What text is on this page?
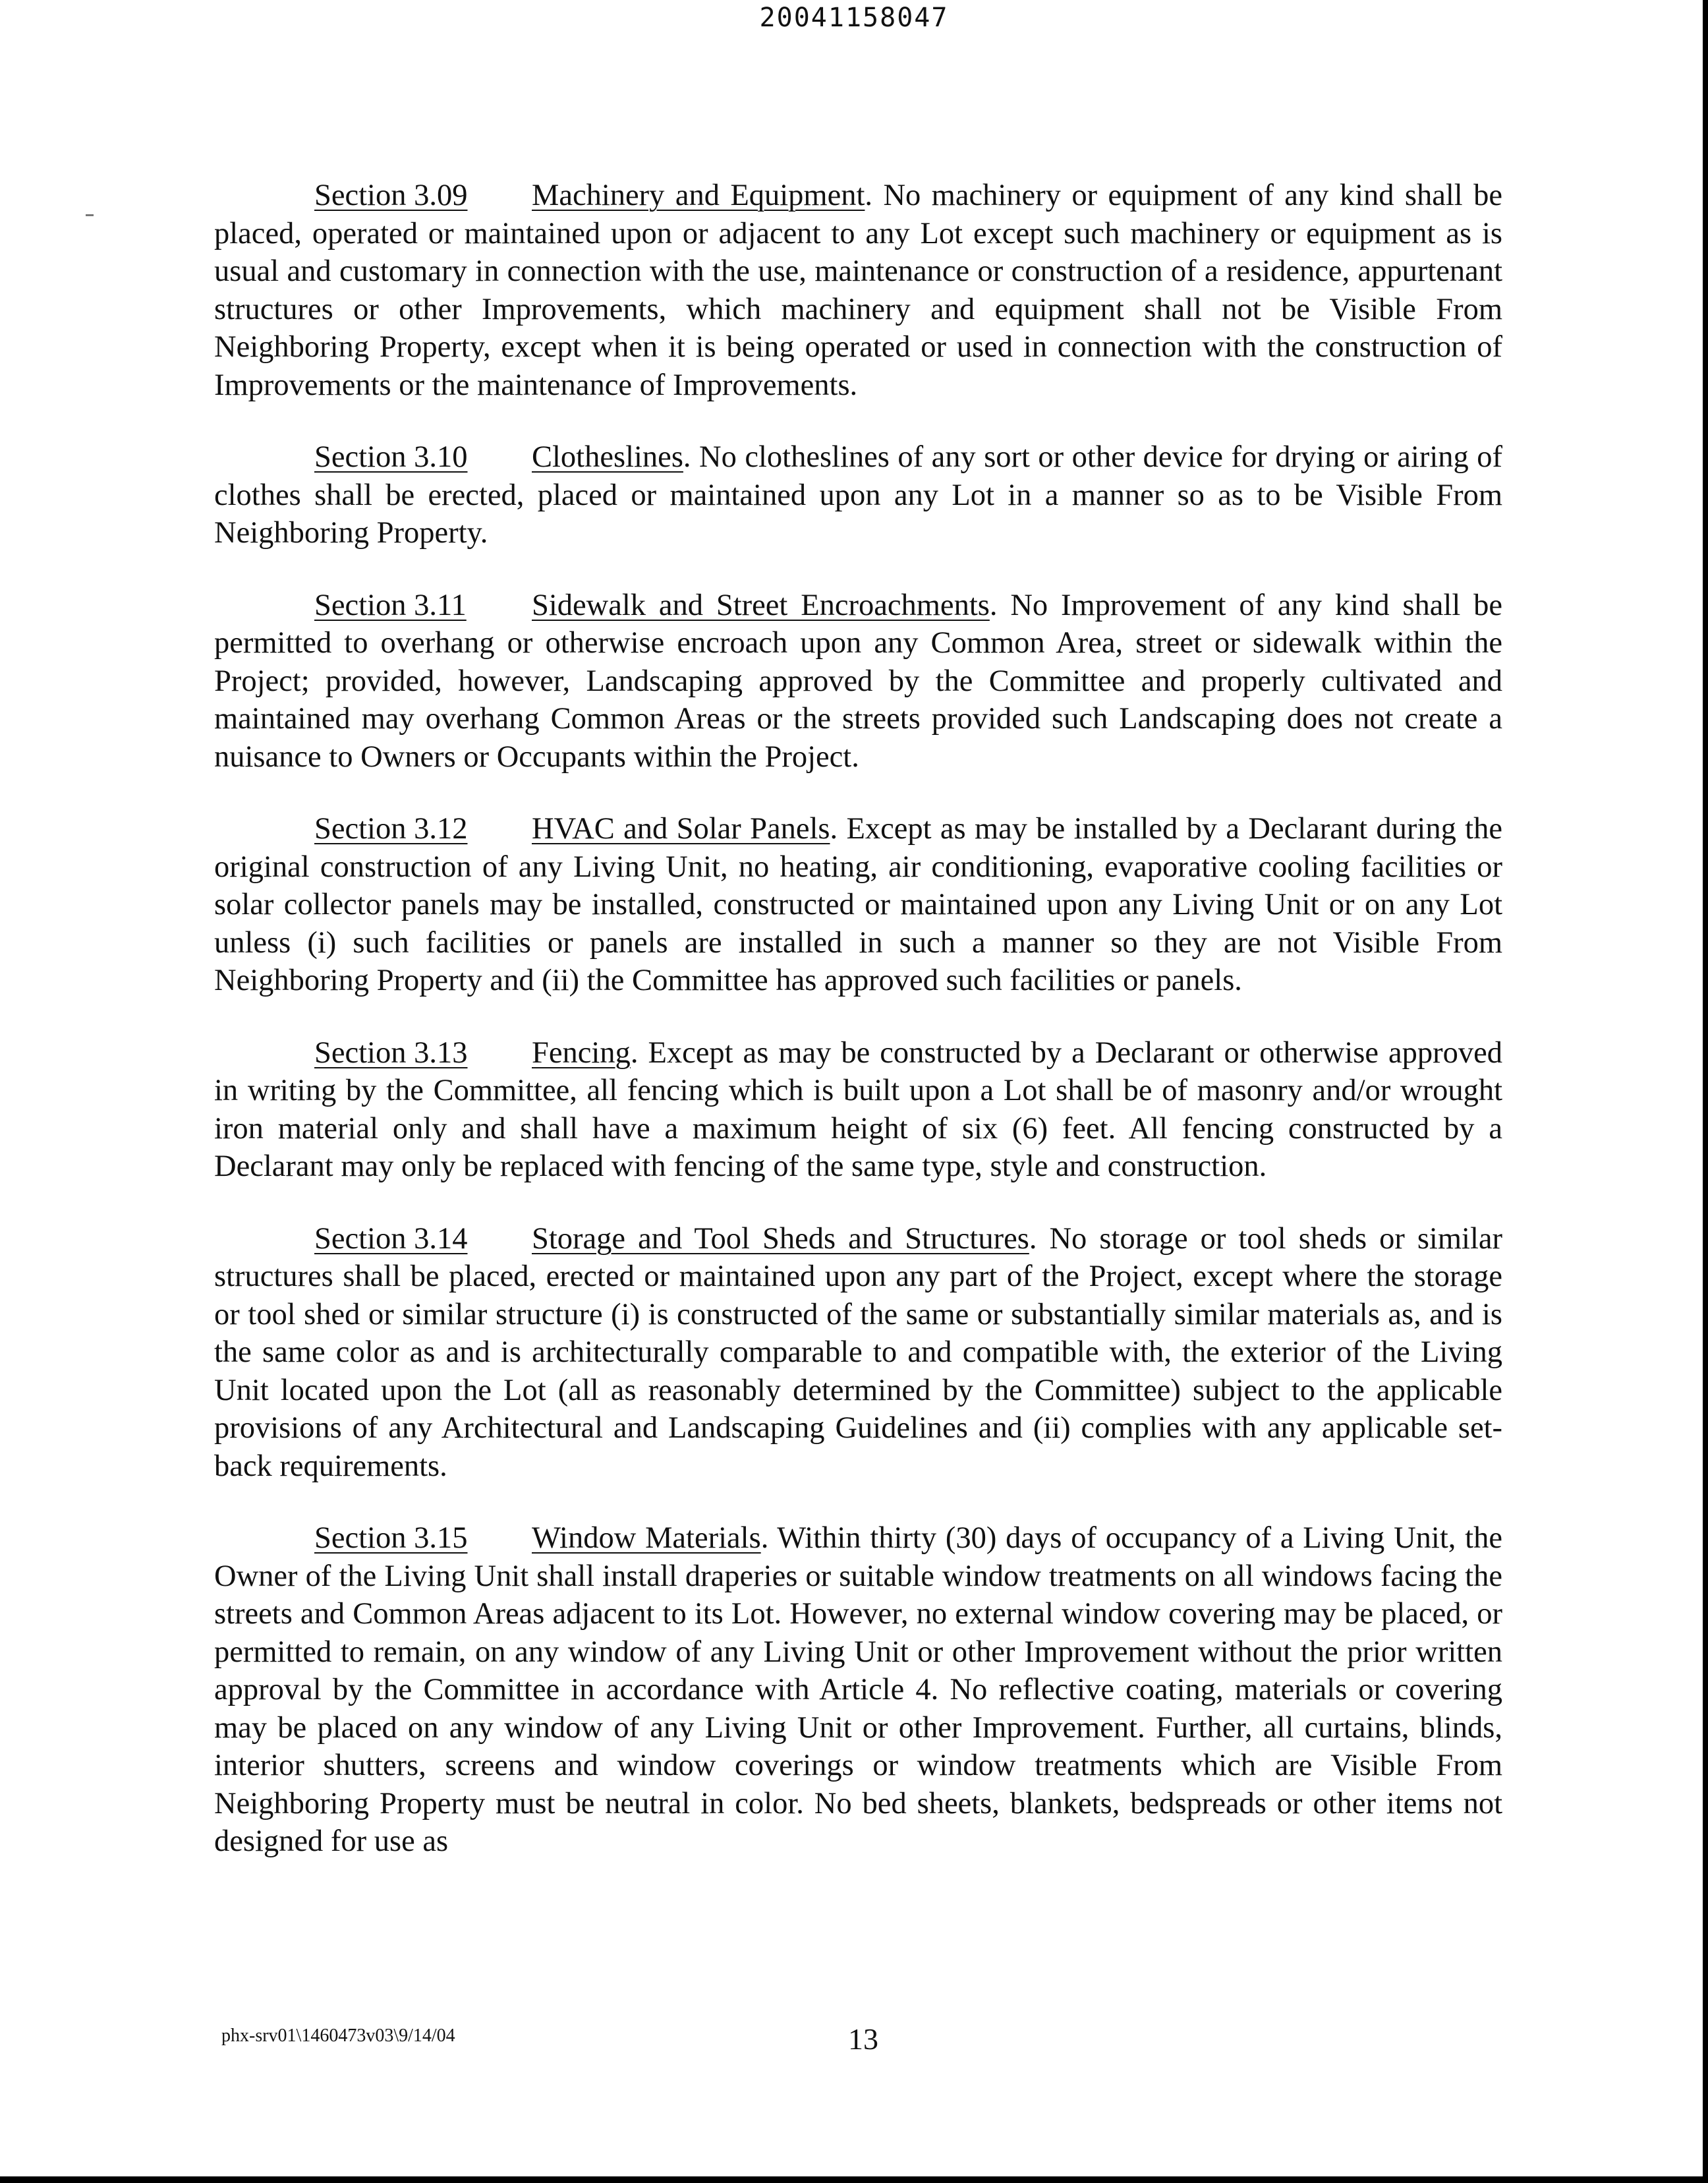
20041158047

Section 3.09 Machinery and Equipment. No machinery or equipment of any kind shall be placed, operated or maintained upon or adjacent to any Lot except such machinery or equipment as is usual and customary in connection with the use, maintenance or construction of a residence, appurtenant structures or other Improvements, which machinery and equipment shall not be Visible From Neighboring Property, except when it is being operated or used in connection with the construction of Improvements or the maintenance of Improvements.

Section 3.10 Clotheslines. No clotheslines of any sort or other device for drying or airing of clothes shall be erected, placed or maintained upon any Lot in a manner so as to be Visible From Neighboring Property.

Section 3.11 Sidewalk and Street Encroachments. No Improvement of any kind shall be permitted to overhang or otherwise encroach upon any Common Area, street or sidewalk within the Project; provided, however, Landscaping approved by the Committee and properly cultivated and maintained may overhang Common Areas or the streets provided such Landscaping does not create a nuisance to Owners or Occupants within the Project.

Section 3.12 HVAC and Solar Panels. Except as may be installed by a Declarant during the original construction of any Living Unit, no heating, air conditioning, evaporative cooling facilities or solar collector panels may be installed, constructed or maintained upon any Living Unit or on any Lot unless (i) such facilities or panels are installed in such a manner so they are not Visible From Neighboring Property and (ii) the Committee has approved such facilities or panels.

Section 3.13 Fencing. Except as may be constructed by a Declarant or otherwise approved in writing by the Committee, all fencing which is built upon a Lot shall be of masonry and/or wrought iron material only and shall have a maximum height of six (6) feet. All fencing constructed by a Declarant may only be replaced with fencing of the same type, style and construction.

Section 3.14 Storage and Tool Sheds and Structures. No storage or tool sheds or similar structures shall be placed, erected or maintained upon any part of the Project, except where the storage or tool shed or similar structure (i) is constructed of the same or substantially similar materials as, and is the same color as and is architecturally comparable to and compatible with, the exterior of the Living Unit located upon the Lot (all as reasonably determined by the Committee) subject to the applicable provisions of any Architectural and Landscaping Guidelines and (ii) complies with any applicable set-back requirements.

Section 3.15 Window Materials. Within thirty (30) days of occupancy of a Living Unit, the Owner of the Living Unit shall install draperies or suitable window treatments on all windows facing the streets and Common Areas adjacent to its Lot. However, no external window covering may be placed, or permitted to remain, on any window of any Living Unit or other Improvement without the prior written approval by the Committee in accordance with Article 4. No reflective coating, materials or covering may be placed on any window of any Living Unit or other Improvement. Further, all curtains, blinds, interior shutters, screens and window coverings or window treatments which are Visible From Neighboring Property must be neutral in color. No bed sheets, blankets, bedspreads or other items not designed for use as

phx-srv01\1460473v03\9/14/04	13
